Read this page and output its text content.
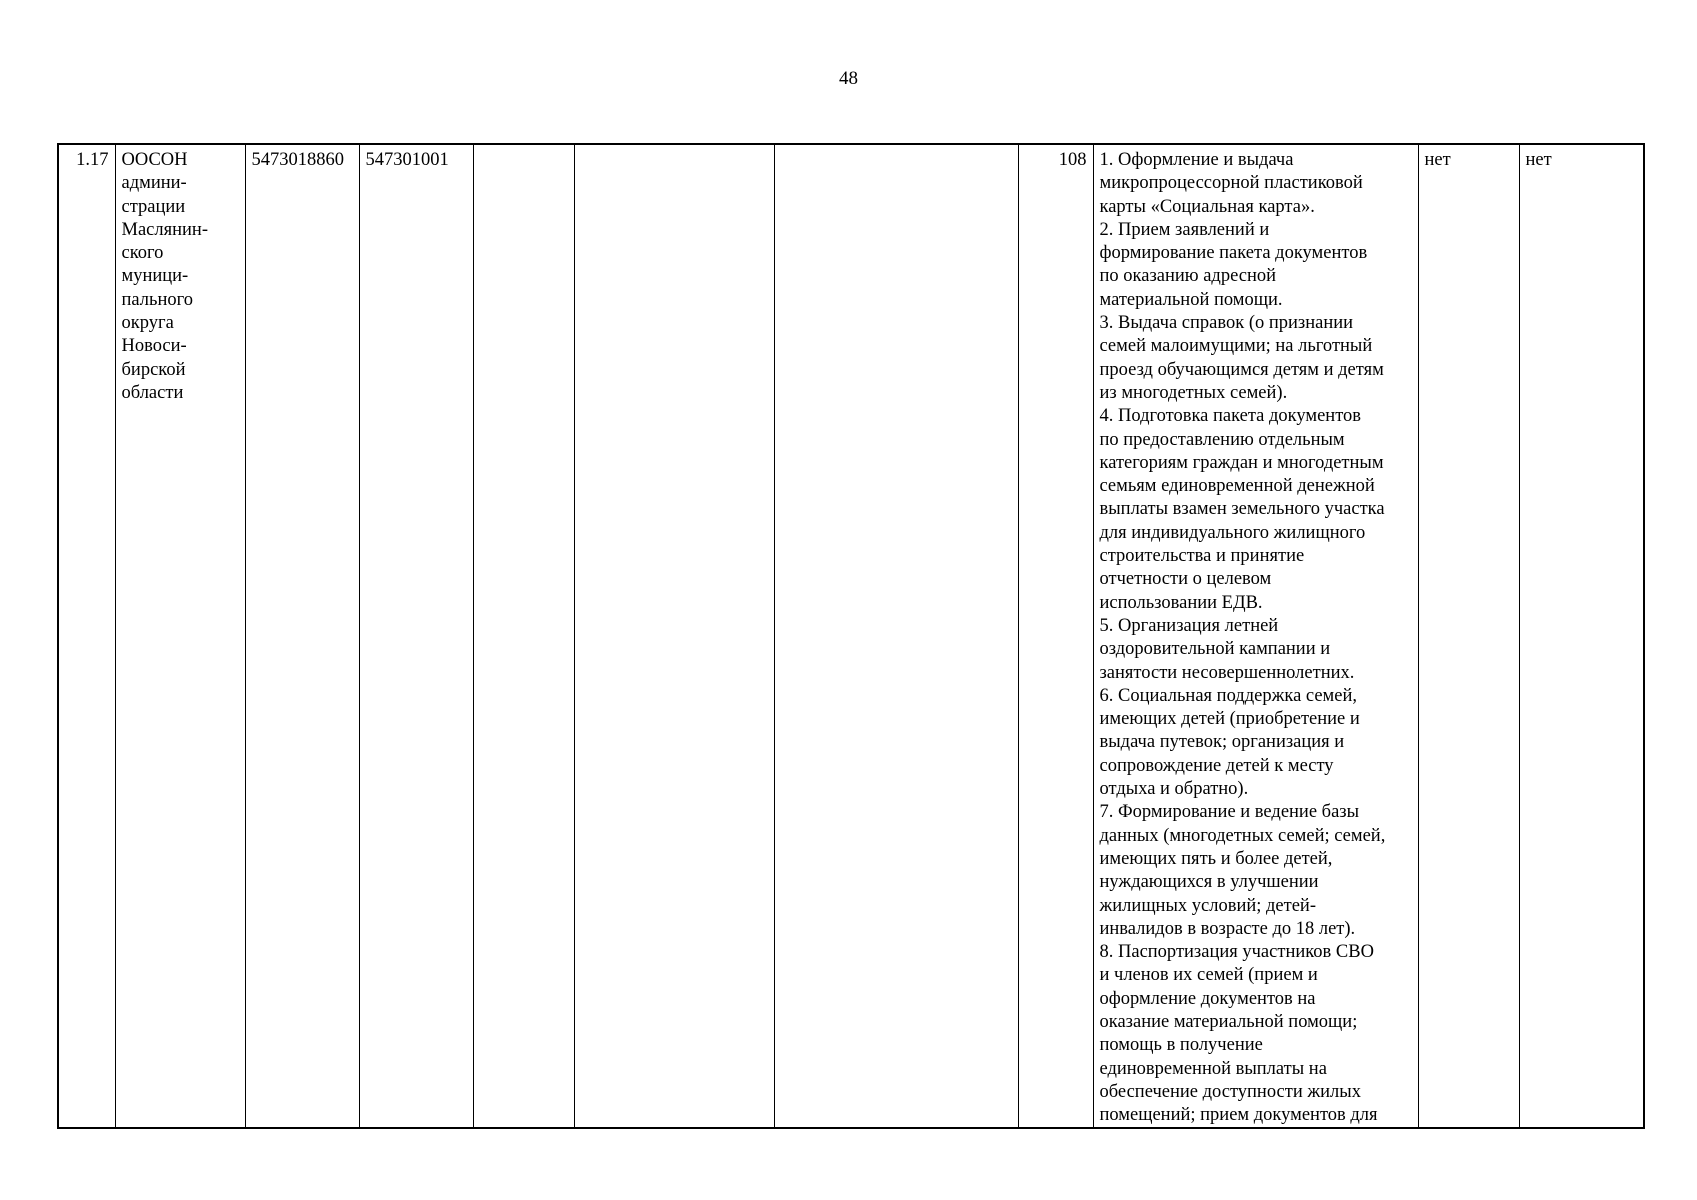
48
1.17	ООСОН
админи-
страции
Маслянин-
ского
муници-
пального
округа
Новоси-
бирской
области
	5473018860	547301001				108	1. Оформление и выдача
микропроцессорной пластиковой
карты «Социальная карта».
2. Прием заявлений и
формирование пакета документов
по оказанию адресной
материальной помощи.
3. Выдача справок (о признании
семей малоимущими; на льготный
проезд обучающимся детям и детям
из многодетных семей).
4. Подготовка пакета документов
по предоставлению отдельным
категориям граждан и многодетным
семьям единовременной денежной
выплаты взамен земельного участка
для индивидуального жилищного
строительства и принятие
отчетности о целевом
использовании ЕДВ.
5. Организация летней
оздоровительной кампании и
занятости несовершеннолетних.
6. Социальная поддержка семей,
имеющих детей (приобретение и
выдача путевок; организация и
сопровождение детей к месту
отдыха и обратно).
7. Формирование и ведение базы
данных (многодетных семей; семей,
имеющих пять и более детей,
нуждающихся в улучшении
жилищных условий; детей-
инвалидов в возрасте до 18 лет).
8. Паспортизация участников СВО
и членов их семей (прием и
оформление документов на
оказание материальной помощи;
помощь в получение
единовременной выплаты на
обеспечение доступности жилых
помещений; прием документов для
	нет	нет
